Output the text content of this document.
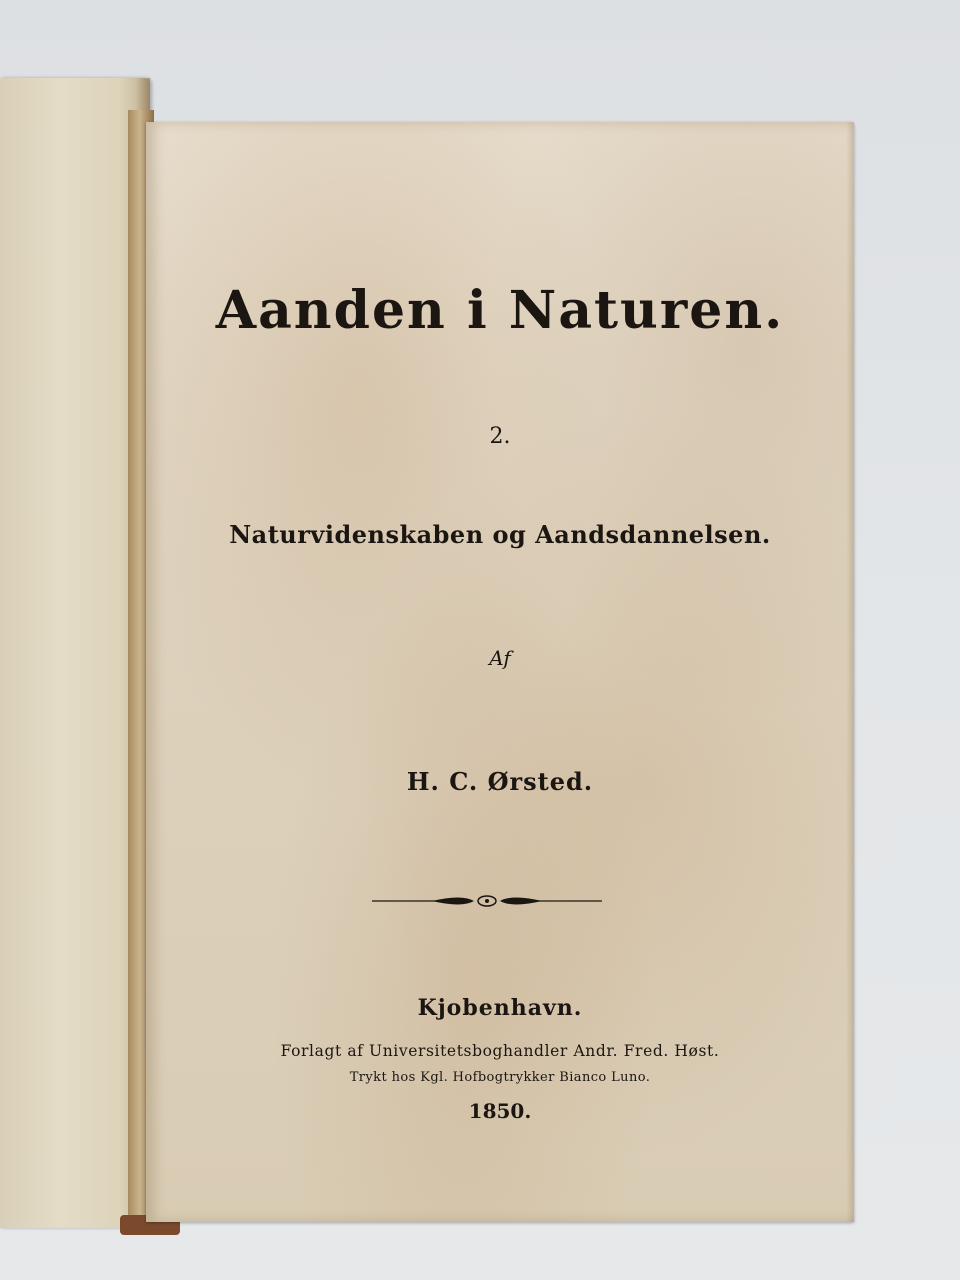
Aanden i Naturen.
2.
Naturvidenskaben og Aandsdannelsen.
Af
H. C. Ørsted.
Kjobenhavn.
Forlagt af Universitetsboghandler Andr. Fred. Høst.
Trykt hos Kgl. Hofbogtrykker Bianco Luno.
1850.
